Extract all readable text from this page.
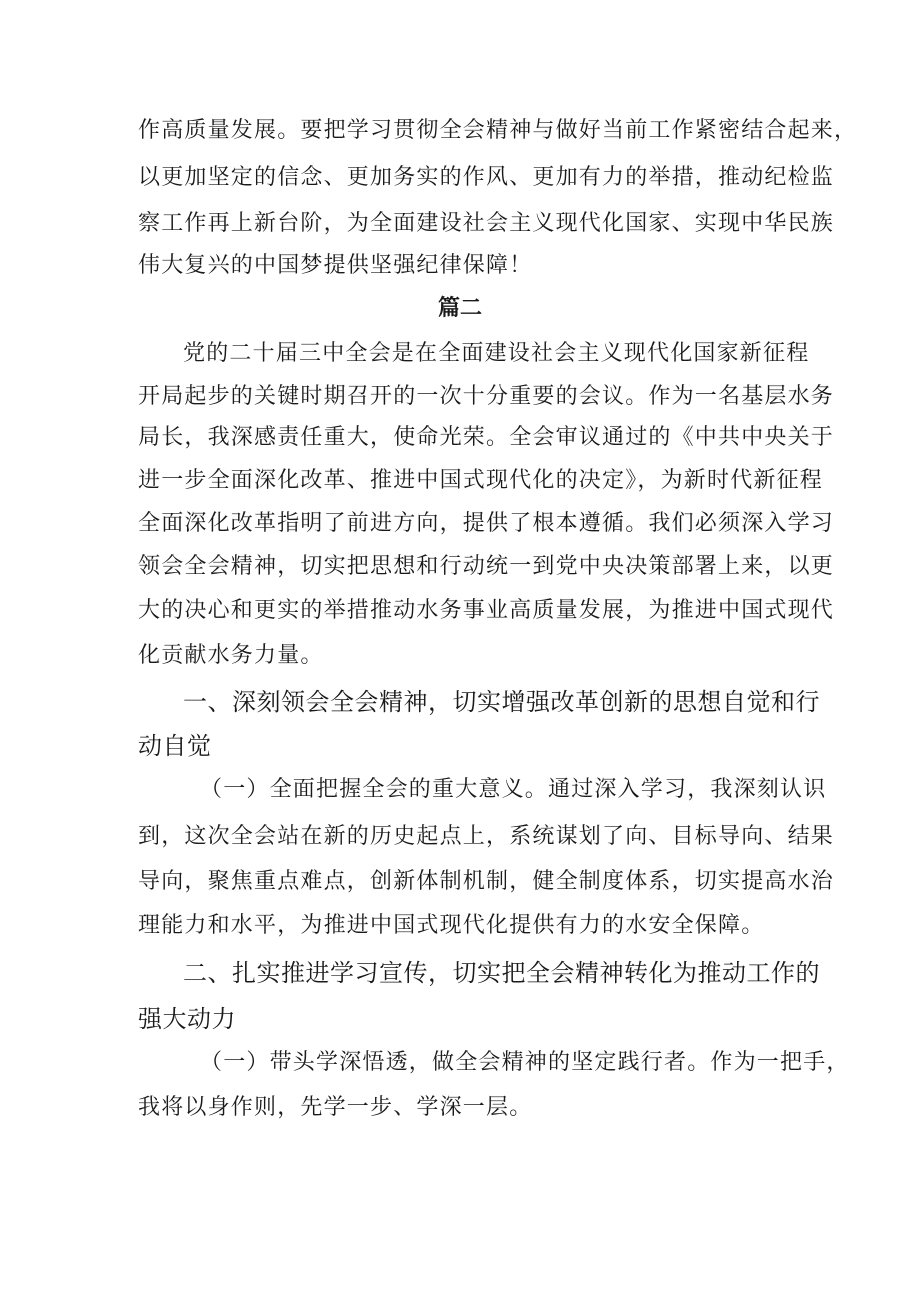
作高质量发展。要把学习贯彻全会精神与做好当前工作紧密结合起来，
以更加坚定的信念、更加务实的作风、更加有力的举措，推动纪检监
察工作再上新台阶，为全面建设社会主义现代化国家、实现中华民族
伟大复兴的中国梦提供坚强纪律保障！
篇二
党的二十届三中全会是在全面建设社会主义现代化国家新征程
开局起步的关键时期召开的一次十分重要的会议。作为一名基层水务
局长，我深感责任重大，使命光荣。全会审议通过的《中共中央关于
进一步全面深化改革、推进中国式现代化的决定》，为新时代新征程
全面深化改革指明了前进方向，提供了根本遵循。我们必须深入学习
领会全会精神，切实把思想和行动统一到党中央决策部署上来，以更
大的决心和更实的举措推动水务事业高质量发展，为推进中国式现代
化贡献水务力量。
一、深刻领会全会精神，切实增强改革创新的思想自觉和行
动自觉
（一）全面把握全会的重大意义。通过深入学习，我深刻认识
到，这次全会站在新的历史起点上，系统谋划了向、目标导向、结果
导向，聚焦重点难点，创新体制机制，健全制度体系，切实提高水治
理能力和水平，为推进中国式现代化提供有力的水安全保障。
二、扎实推进学习宣传，切实把全会精神转化为推动工作的
强大动力
（一）带头学深悟透，做全会精神的坚定践行者。作为一把手，
我将以身作则，先学一步、学深一层。
